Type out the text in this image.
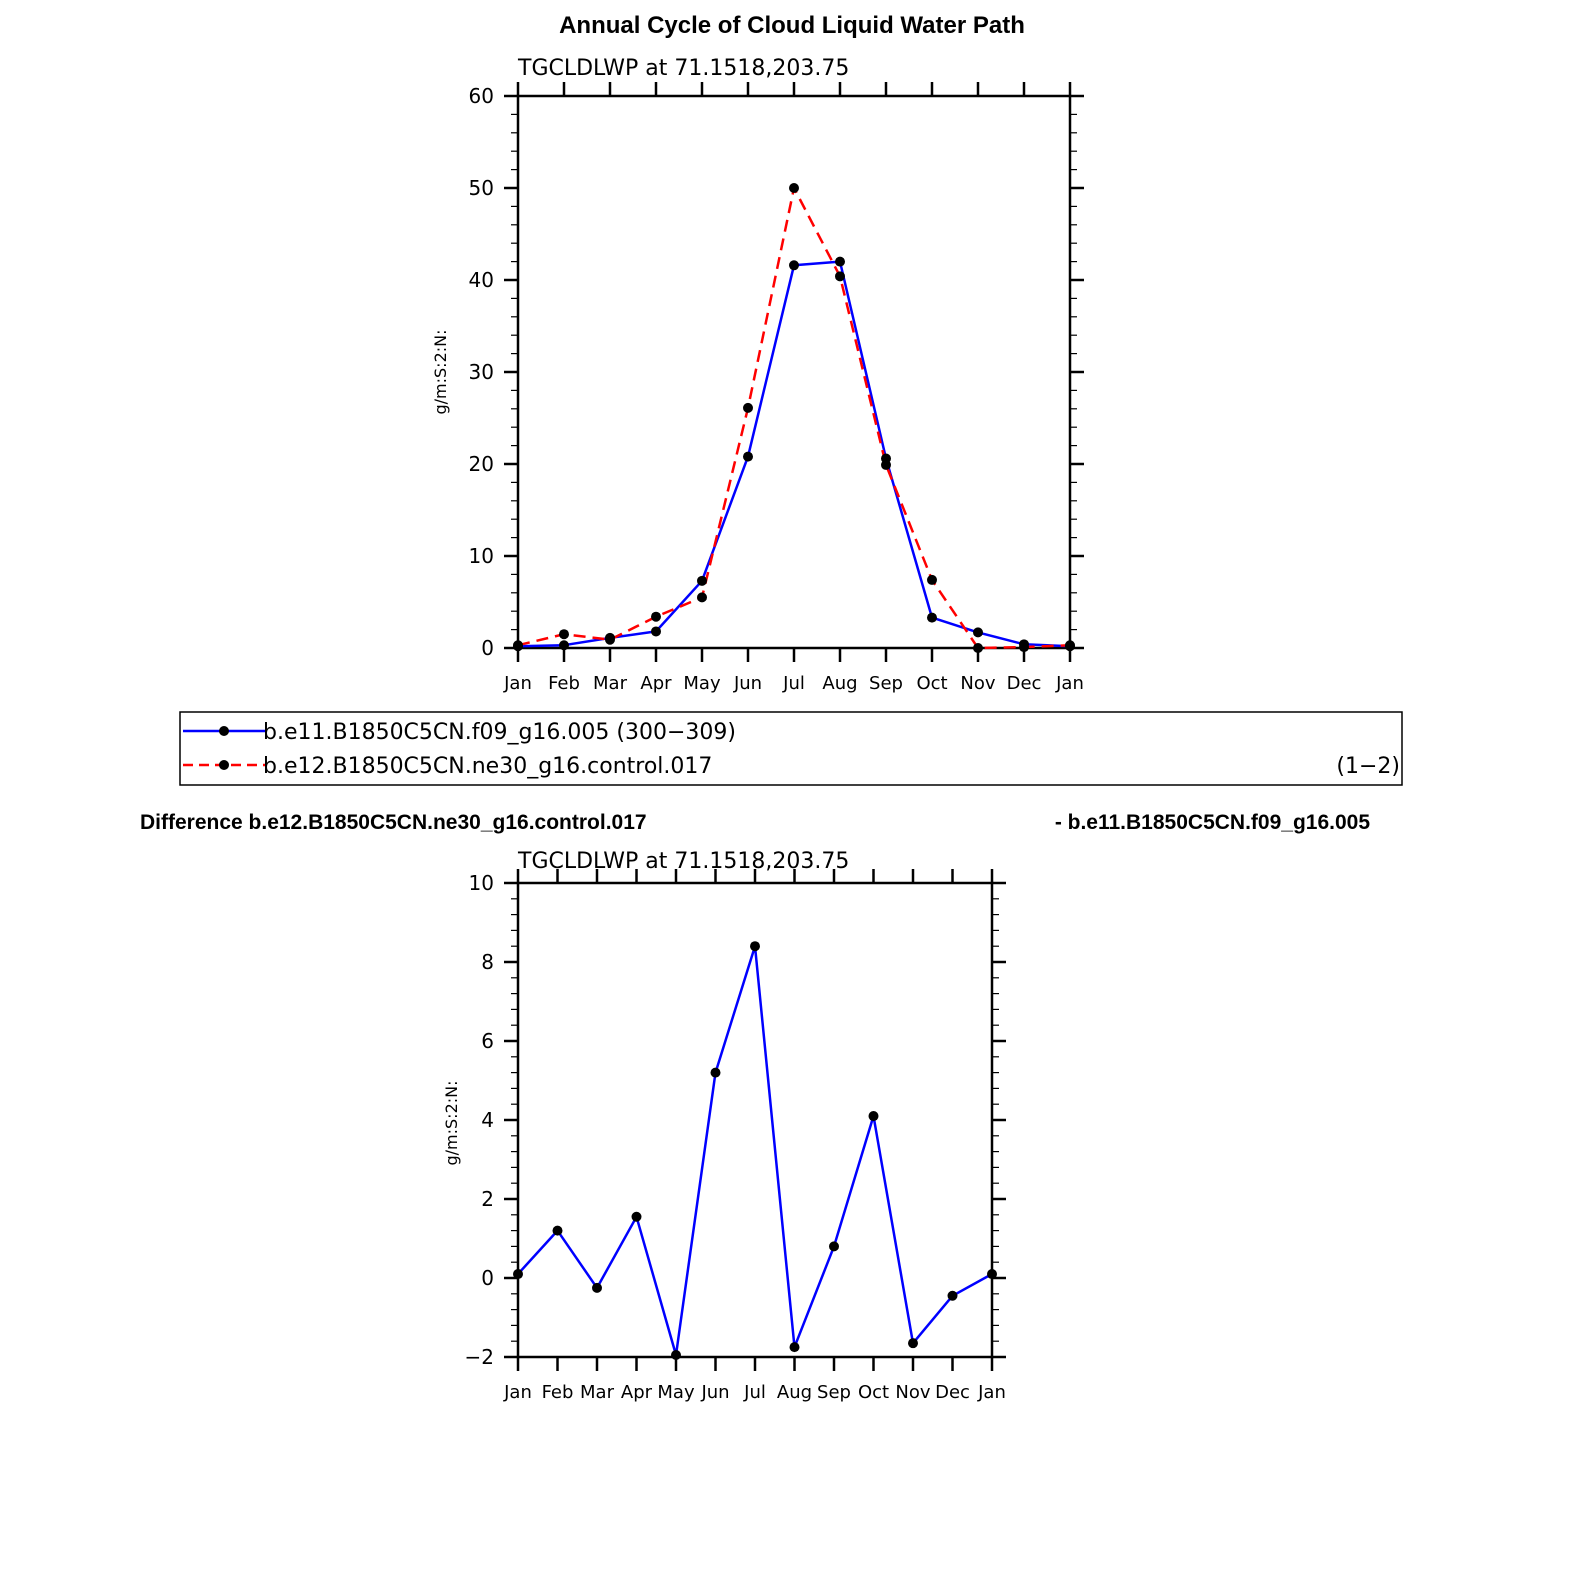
Annual Cycle of Cloud Liquid Water Path
TGCLDLWP at 71.1518,203.75
g/m:S:2:N:
0
10
20
30
40
50
60
Jan Feb Mar Apr May Jun Jul Aug Sep Oct Nov Dec Jan
b.e11.B1850C5CN.f09_g16.005 (300−309)
b.e12.B1850C5CN.ne30_g16.control.017	(1−2)
Difference b.e12.B1850C5CN.ne30_g16.control.017	- b.e11.B1850C5CN.f09_g16.005
TGCLDLWP at 71.1518,203.75
g/m:S:2:N:
−2
0
2
4
6
8
10
Jan Feb Mar Apr May Jun Jul Aug Sep Oct Nov Dec Jan
